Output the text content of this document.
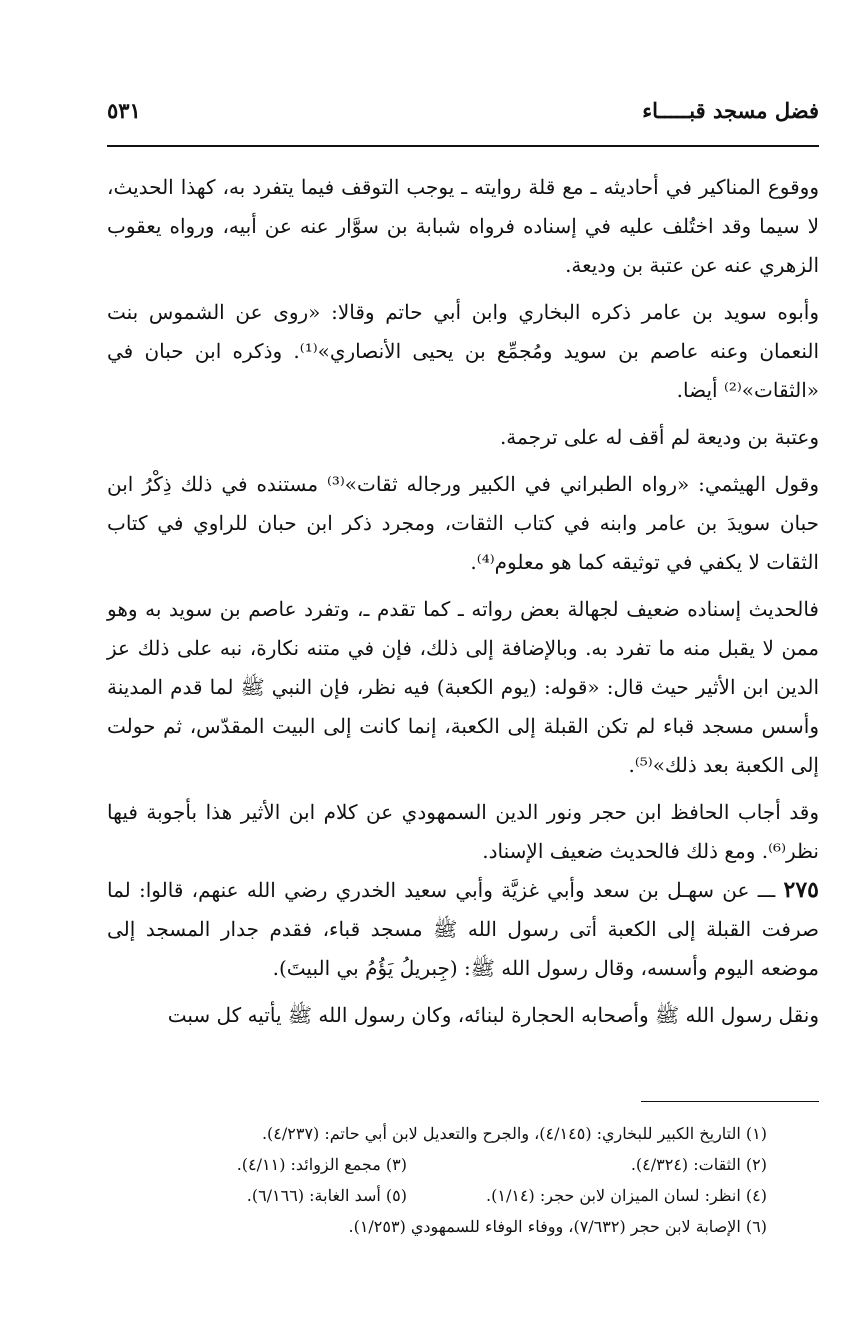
فضل مسجد قبـــــاء
٥٣١

ووقوع المناكير في أحاديثه ـ مع قلة روايته ـ يوجب التوقف فيما يتفرد به، كهذا الحديث، لا سيما وقد اختُلف عليه في إسناده فرواه شبابة بن سوَّار عنه عن أبيه، ورواه يعقوب الزهري عنه عن عتبة بن وديعة.

وأبوه سويد بن عامر ذكره البخاري وابن أبي حاتم وقالا: «روى عن الشموس بنت النعمان وعنه عاصم بن سويد ومُجمِّع بن يحيى الأنصاري»⁽¹⁾. وذكره ابن حبان في «الثقات»⁽²⁾ أيضا.

وعتبة بن وديعة لم أقف له على ترجمة.

وقول الهيثمي: «رواه الطبراني في الكبير ورجاله ثقات»⁽³⁾ مستنده في ذلك ذِكْرُ ابن حبان سويدَ بن عامر وابنه في كتاب الثقات، ومجرد ذكر ابن حبان للراوي في كتاب الثقات لا يكفي في توثيقه كما هو معلوم⁽⁴⁾.

فالحديث إسناده ضعيف لجهالة بعض رواته ـ كما تقدم ـ، وتفرد عاصم بن سويد به وهو ممن لا يقبل منه ما تفرد به. وبالإضافة إلى ذلك، فإن في متنه نكارة، نبه على ذلك عز الدين ابن الأثير حيث قال: «قوله: (يوم الكعبة) فيه نظر، فإن النبي ﷺ لما قدم المدينة وأسس مسجد قباء لم تكن القبلة إلى الكعبة، إنما كانت إلى البيت المقدّس، ثم حولت إلى الكعبة بعد ذلك»⁽⁵⁾.

وقد أجاب الحافظ ابن حجر ونور الدين السمهودي عن كلام ابن الأثير هذا بأجوبة فيها نظر⁽⁶⁾. ومع ذلك فالحديث ضعيف الإسناد.

٢٧٥ ـــ عن سهـل بن سعد وأبي غزيَّة وأبي سعيد الخدري رضي الله عنهم، قالوا: لما صرفت القبلة إلى الكعبة أتى رسول الله ﷺ مسجد قباء، فقدم جدار المسجد إلى موضعه اليوم وأسسه، وقال رسول الله ﷺ: (جِبريلُ يَؤُمُ بي البيتَ).

ونقل رسول الله ﷺ وأصحابه الحجارة لبنائه، وكان رسول الله ﷺ يأتيه كل سبت

(١) التاريخ الكبير للبخاري: (٤/١٤٥)، والجرح والتعديل لابن أبي حاتم: (٤/٢٣٧).
(٢) الثقات: (٤/٣٢٤).(٣) مجمع الزوائد: (٤/١١).
(٤) انظر: لسان الميزان لابن حجر: (١/١٤).(٥) أسد الغابة: (٦/١٦٦).
(٦) الإصابة لابن حجر (٧/٦٣٢)، ووفاء الوفاء للسمهودي (١/٢٥٣).
